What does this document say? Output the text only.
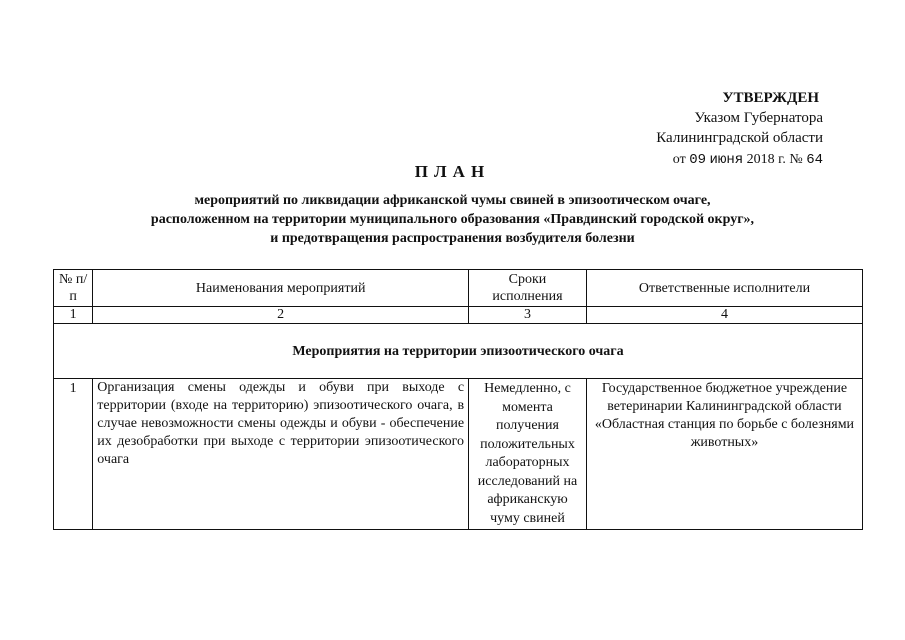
УТВЕРЖДЕН
Указом Губернатора
Калининградской области
от 09 июня 2018 г. № 64
ПЛАН
мероприятий по ликвидации африканской чумы свиней в эпизоотическом очаге,
расположенном на территории муниципального образования «Правдинский городской округ»,
и предотвращения распространения возбудителя болезни
№ п/п	Наименования мероприятий	Сроки исполнения	Ответственные исполнители
1	2	3	4
Мероприятия на территории эпизоотического очага			
1	Организация смены одежды и обуви при выходе с территории (входе на территорию) эпизоотического очага, в случае невозможности смены одежды и обуви - обеспечение их дезобработки при выходе с территории эпизоотического очага	Немедленно, с момента получения положительных лабораторных исследований на африканскую чуму свиней	Государственное бюджетное учреждение ветеринарии Калининградской области «Областная станция по борьбе с болезнями животных»
